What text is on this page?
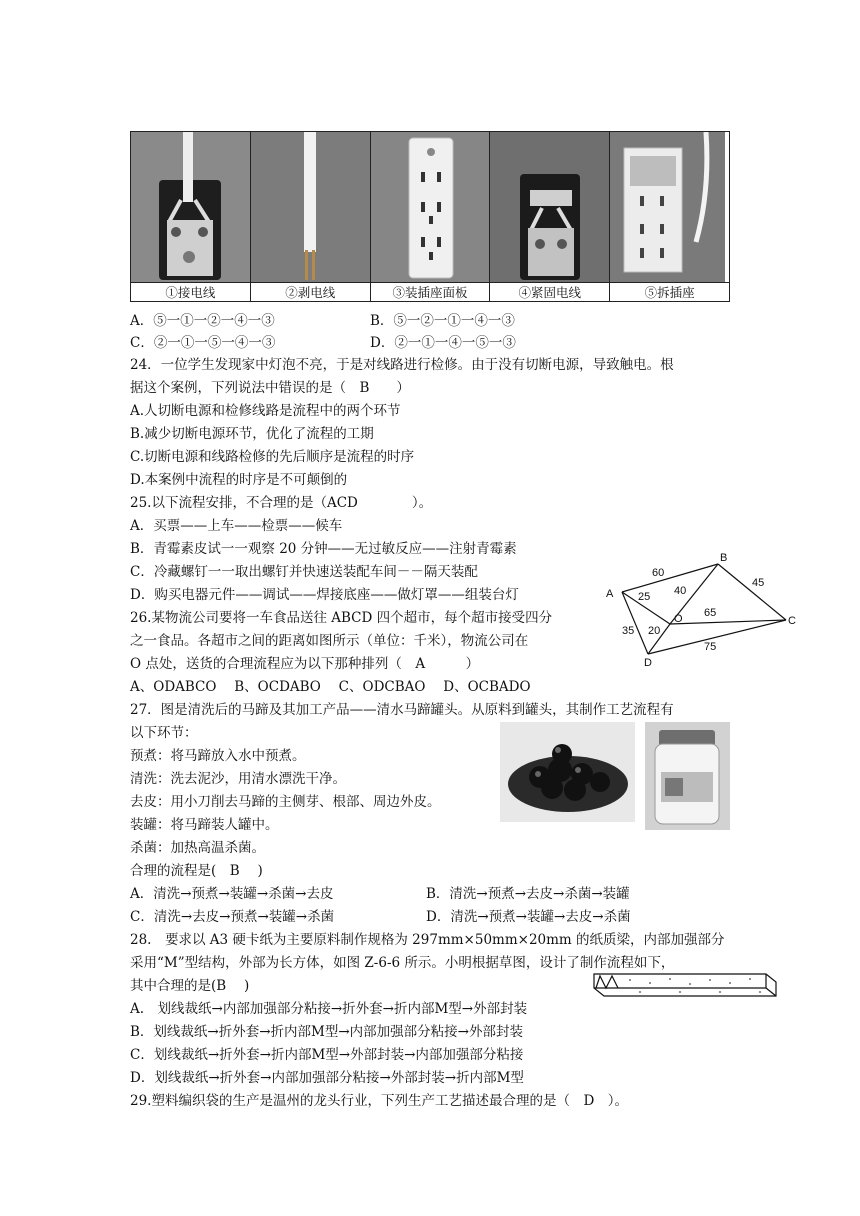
①接电线	②剥电线	③装插座面板	④紧固电线	⑤拆插座
A．⑤一①一②一④一③	B．⑤一②一①一④一③
C．②一①一⑤一④一③	D．②一①一④一⑤一③
24．一位学生发现家中灯泡不亮，于是对线路进行检修。由于没有切断电源，导致触电。根
据这个案例，下列说法中错误的是（　B　　）
A.人切断电源和检修线路是流程中的两个环节
B.减少切断电源环节，优化了流程的工期
C.切断电源和线路检修的先后顺序是流程的时序
D.本案例中流程的时序是不可颠倒的
25.以下流程安排，不合理的是（ACD　　　　）。
A．买票——上车——检票——候车
B．青霉素皮试一一观察 20 分钟——无过敏反应——注射青霉素
C．冷藏螺钉一一取出螺钉并快速送装配车间－－隔天装配
D．购买电器元件——调试——焊接底座——做灯罩——组装台灯	A
B
C
D
O
60
45
25 40
65
35 20
75
26.某物流公司要将一车食品送往 ABCD 四个超市，每个超市接受四分
之一食品。各超市之间的距离如图所示（单位：千米），物流公司在
O 点处，送货的合理流程应为以下那种排列（　A　　　）
A、ODABCO　 B、OCDABO　 C、ODCBAO　 D、OCBADO
27．图是清洗后的马蹄及其加工产品——清水马蹄罐头。从原料到罐头，其制作工艺流程有
以下环节：
预煮：将马蹄放入水中预煮。
清洗：洗去泥沙，用清水漂洗干净。
去皮：用小刀削去马蹄的主侧芽、根部、周边外皮。
装罐：将马蹄装人罐中。
杀菌：加热高温杀菌。
合理的流程是(　B　 )
A．清洗→预煮→装罐→杀菌→去皮	B．清洗→预煮→去皮→杀菌→装罐
C．清洗→去皮→预煮→装罐→杀菌	D．清洗→预煮→装罐→去皮→杀菌
28.　要求以 A3 硬卡纸为主要原料制作规格为 297mm×50mm×20mm 的纸质梁，内部加强部分
采用“M”型结构，外部为长方体，如图 Z-6-6 所示。小明根据草图，设计了制作流程如下，
其中合理的是(B　 )
A.　划线裁纸→内部加强部分粘接→折外套→折内部M型→外部封装
B．划线裁纸→折外套→折内部M型→内部加强部分粘接→外部封装
C．划线裁纸→折外套→折内部M型→外部封装→内部加强部分粘接
D．划线裁纸→折外套→内部加强部分粘接→外部封装→折内部M型
29.塑料编织袋的生产是温州的龙头行业，下列生产工艺描述最合理的是（　D　）。
